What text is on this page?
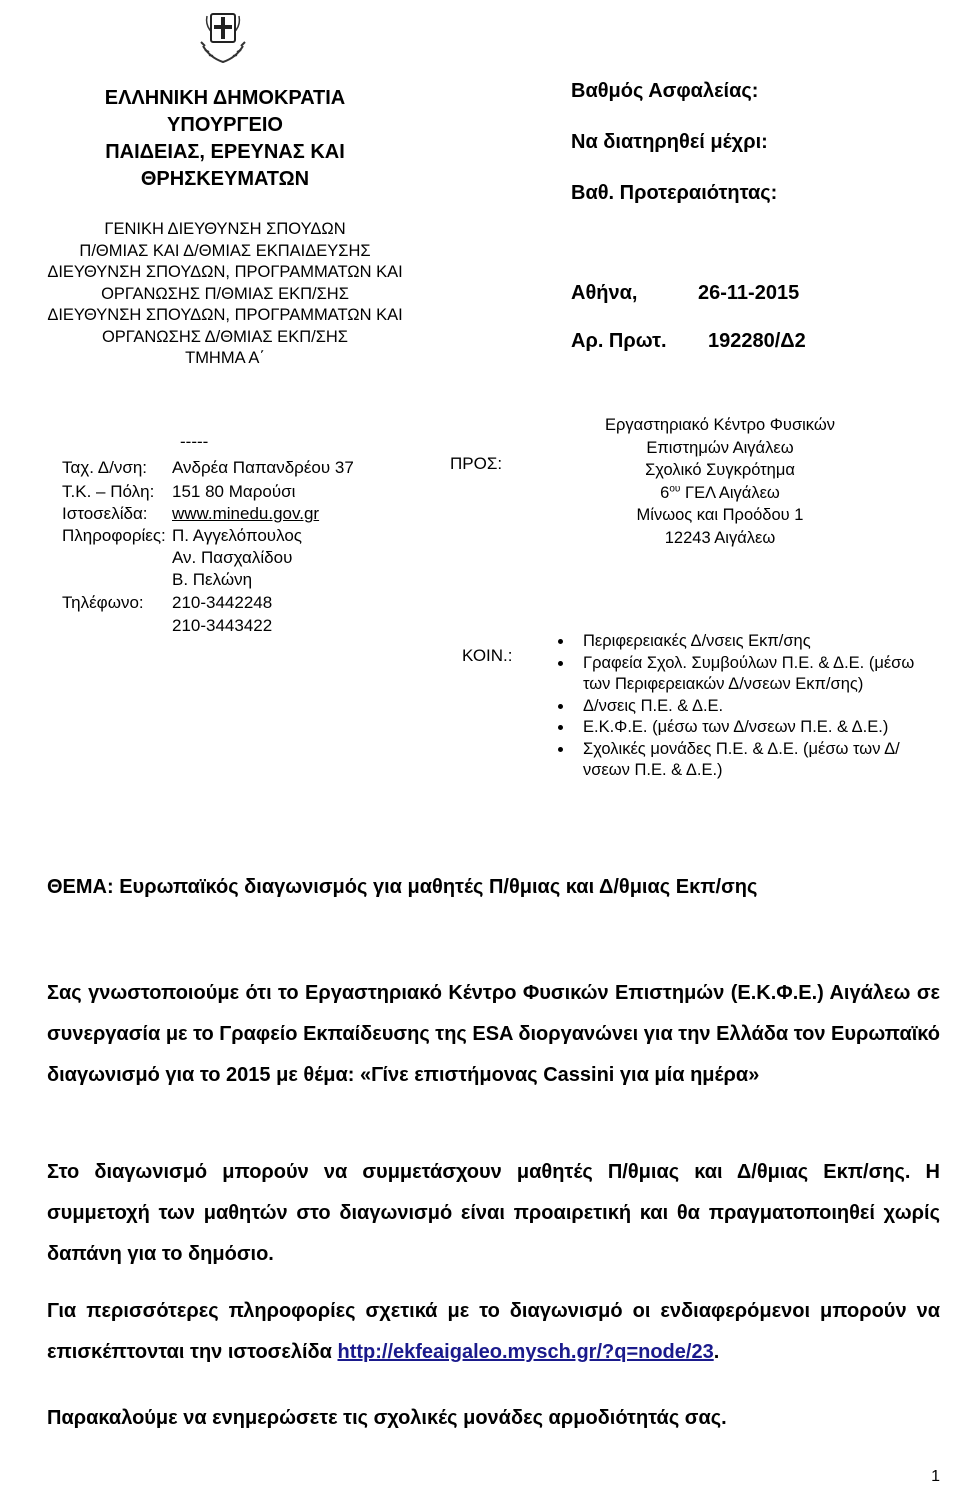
ΕΛΛΗΝΙΚΗ ΔΗΜΟΚΡΑΤΙΑ

ΥΠΟΥΡΓΕΙΟ

ΠΑΙΔΕΙΑΣ, ΕΡΕΥΝΑΣ ΚΑΙ

ΘΡΗΣΚΕΥΜΑΤΩΝ

ΓΕΝΙΚΗ ΔΙΕΥΘΥΝΣΗ ΣΠΟΥΔΩΝ

Π/ΘΜΙΑΣ ΚΑΙ Δ/ΘΜΙΑΣ ΕΚΠΑΙΔΕΥΣΗΣ

ΔΙΕΥΘΥΝΣΗ ΣΠΟΥΔΩΝ, ΠΡΟΓΡΑΜΜΑΤΩΝ ΚΑΙ

ΟΡΓΑΝΩΣΗΣ Π/ΘΜΙΑΣ ΕΚΠ/ΣΗΣ

ΔΙΕΥΘΥΝΣΗ ΣΠΟΥΔΩΝ, ΠΡΟΓΡΑΜΜΑΤΩΝ ΚΑΙ

ΟΡΓΑΝΩΣΗΣ Δ/ΘΜΙΑΣ ΕΚΠ/ΣΗΣ

ΤΜΗΜΑ Α΄

Βαθμός Ασφαλείας:
Να διατηρηθεί μέχρι:
Βαθ. Προτεραιότητας:
Αθήνα,	26-11-2015
Αρ. Πρωτ. 192280/Δ2
-----
Ταχ. Δ/νση: Ανδρέα Παπανδρέου 37
Τ.Κ. – Πόλη: 151 80 Μαρούσι
Ιστοσελίδα: www.minedu.gov.gr
Πληροφορίες: Π. Αγγελόπουλος
Αν. Πασχαλίδου
Β. Πελώνη
Τηλέφωνο: 210-3442248
210-3443422
ΠΡΟΣ:
Εργαστηριακό Κέντρο Φυσικών
Επιστημών Αιγάλεω
Σχολικό Συγκρότημα
$6^{o\upsilon}$ ΓΕΛ Αιγάλεω
Μίνωος και Προόδου 1
12243 Αιγάλεω
ΚΟΙΝ.:
Περιφερειακές Δ/νσεις Εκπ/σης
Γραφεία Σχολ. Συμβούλων Π.Ε. & Δ.Ε. (μέσω των Περιφερειακών Δ/νσεων Εκπ/σης)
Δ/νσεις Π.Ε. & Δ.Ε.
Ε.Κ.Φ.Ε. (μέσω των Δ/νσεων Π.Ε. & Δ.Ε.)
Σχολικές μονάδες Π.Ε. & Δ.Ε. (μέσω των Δ/νσεων Π.Ε. & Δ.Ε.)
ΘΕΜΑ: Ευρωπαϊκός διαγωνισμός για μαθητές Π/θμιας και Δ/θμιας Εκπ/σης

Σας γνωστοποιούμε ότι το Εργαστηριακό Κέντρο Φυσικών Επιστημών (Ε.Κ.Φ.Ε.) Αιγάλεω σε συνεργασία με το Γραφείο Εκπαίδευσης της ESA διοργανώνει για την Ελλάδα τον Ευρωπαϊκό διαγωνισμό για το 2015 με θέμα: «Γίνε επιστήμονας Cassini για μία ημέρα»

Στο διαγωνισμό μπορούν να συμμετάσχουν μαθητές Π/θμιας και Δ/θμιας Εκπ/σης. Η συμμετοχή των μαθητών στο διαγωνισμό είναι προαιρετική και θα πραγματοποιηθεί χωρίς δαπάνη για το δημόσιο.

Για περισσότερες πληροφορίες σχετικά με το διαγωνισμό οι ενδιαφερόμενοι μπορούν να επισκέπτονται την ιστοσελίδα http://ekfeaigaleo.mysch.gr/?q=node/23.

Παρακαλούμε να ενημερώσετε τις σχολικές μονάδες αρμοδιότητάς σας.

1
